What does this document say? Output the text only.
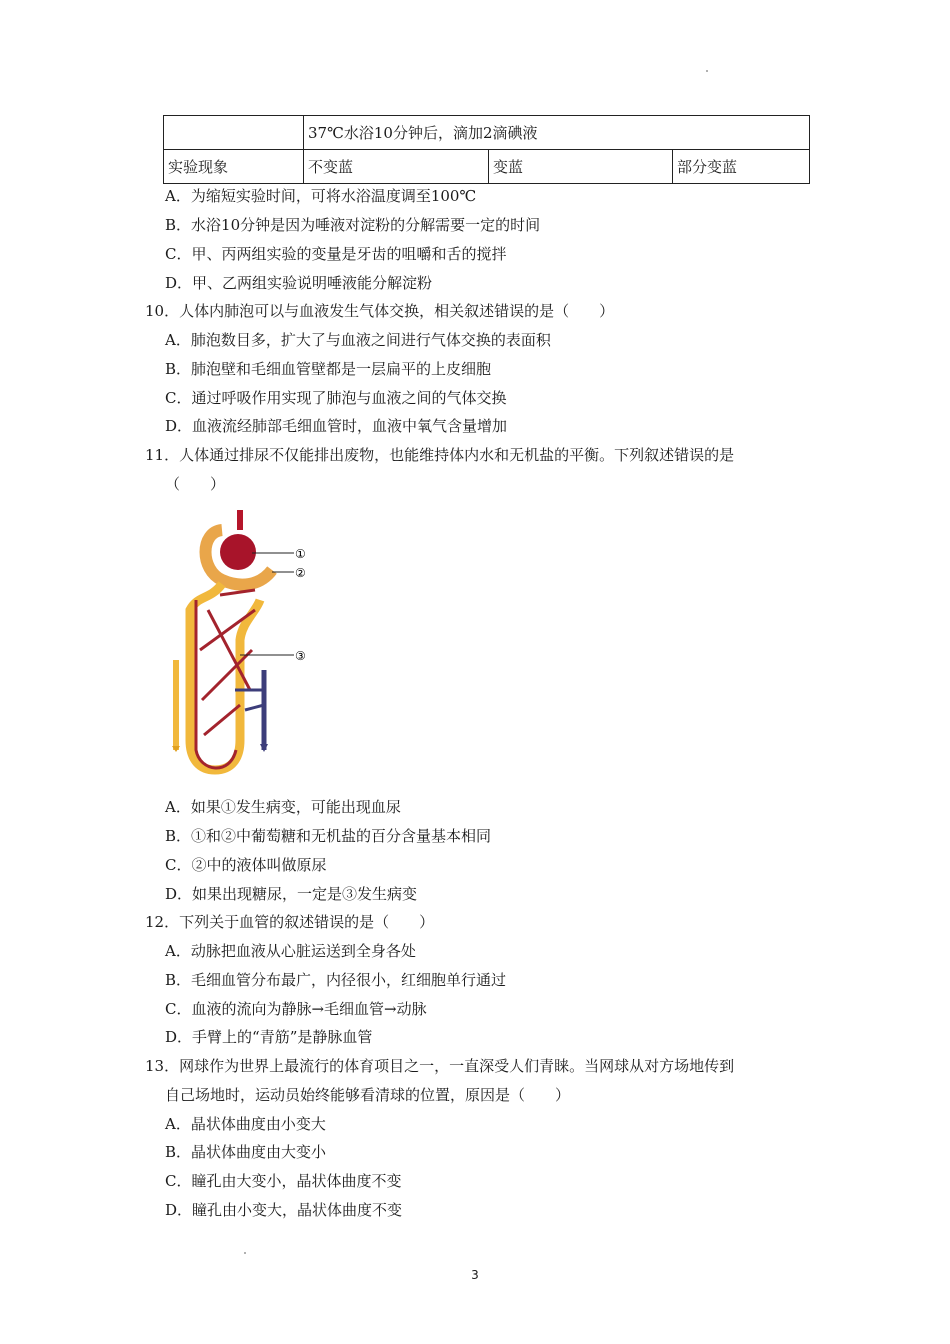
	37℃水浴10分钟后，滴加2滴碘液		
实验现象	不变蓝	变蓝	部分变蓝
A．为缩短实验时间，可将水浴温度调至100℃
B．水浴10分钟是因为唾液对淀粉的分解需要一定的时间
C．甲、丙两组实验的变量是牙齿的咀嚼和舌的搅拌
D．甲、乙两组实验说明唾液能分解淀粉
10．人体内肺泡可以与血液发生气体交换，相关叙述错误的是（　　）
A．肺泡数目多，扩大了与血液之间进行气体交换的表面积
B．肺泡壁和毛细血管壁都是一层扁平的上皮细胞
C．通过呼吸作用实现了肺泡与血液之间的气体交换
D．血液流经肺部毛细血管时，血液中氧气含量增加
11．人体通过排尿不仅能排出废物，也能维持体内水和无机盐的平衡。下列叙述错误的是
（　　）
①
②
③
A．如果①发生病变，可能出现血尿
B．①和②中葡萄糖和无机盐的百分含量基本相同
C．②中的液体叫做原尿
D．如果出现糖尿，一定是③发生病变
12．下列关于血管的叙述错误的是（　　）
A．动脉把血液从心脏运送到全身各处
B．毛细血管分布最广，内径很小，红细胞单行通过
C．血液的流向为静脉→毛细血管→动脉
D．手臂上的“青筋”是静脉血管
13．网球作为世界上最流行的体育项目之一，一直深受人们青睐。当网球从对方场地传到
自己场地时，运动员始终能够看清球的位置，原因是（　　）
A．晶状体曲度由小变大
B．晶状体曲度由大变小
C．瞳孔由大变小，晶状体曲度不变
D．瞳孔由小变大，晶状体曲度不变
3
